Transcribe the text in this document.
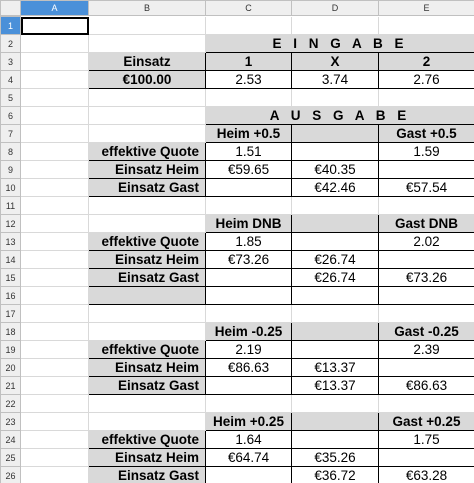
	A	B	C	D	E
1					
2			E I N G A B E		
3		Einsatz	1	X	2
4		€100.00	2.53	3.74	2.76
5					
6			A U S G A B E		
7			Heim +0.5		Gast +0.5
8		effektive Quote	1.51		1.59
9		Einsatz Heim	€59.65	€40.35	
10		Einsatz Gast		€42.46	€57.54
11					
12			Heim DNB		Gast DNB
13		effektive Quote	1.85		2.02
14		Einsatz Heim	€73.26	€26.74	
15		Einsatz Gast		€26.74	€73.26
16					
17					
18			Heim -0.25		Gast -0.25
19		effektive Quote	2.19		2.39
20		Einsatz Heim	€86.63	€13.37	
21		Einsatz Gast		€13.37	€86.63
22					
23			Heim +0.25		Gast +0.25
24		effektive Quote	1.64		1.75
25		Einsatz Heim	€64.74	€35.26	
26		Einsatz Gast		€36.72	€63.28
